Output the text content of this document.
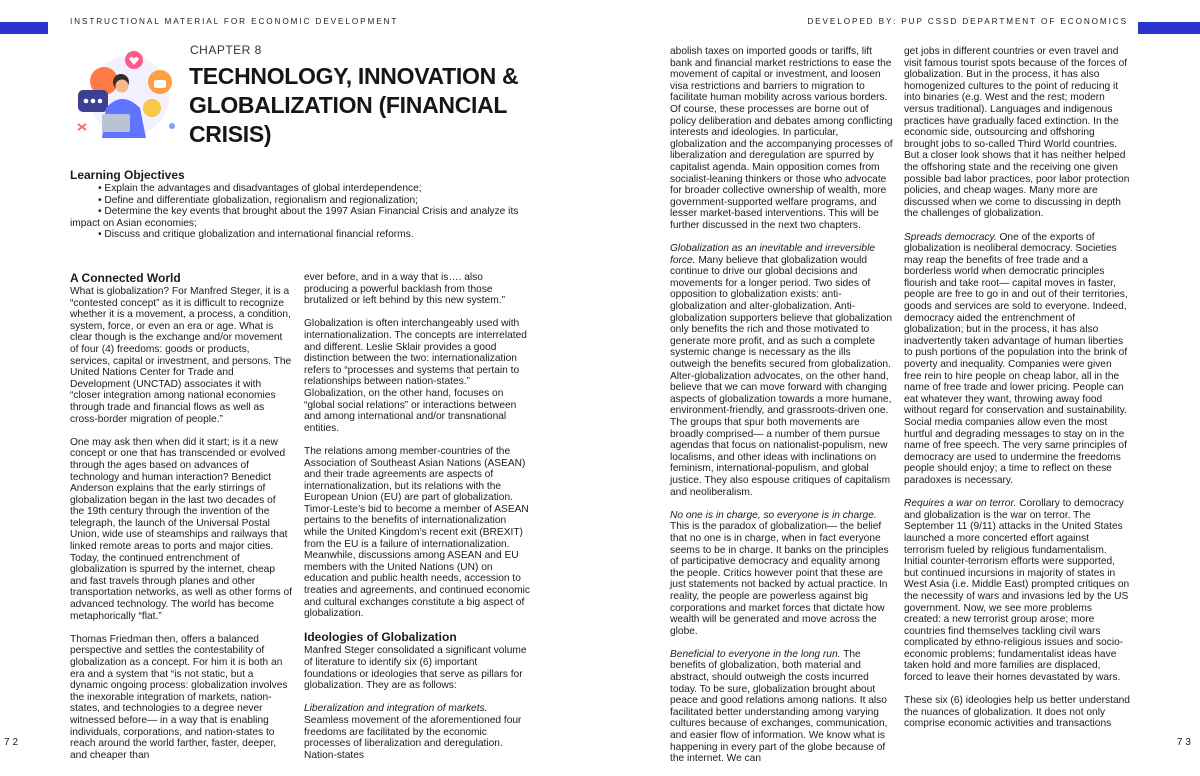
INSTRUCTIONAL MATERIAL FOR ECONOMIC DEVELOPMENT	DEVELOPED BY: PUP CSSD DEPARTMENT OF ECONOMICS
CHAPTER 8
TECHNOLOGY, INNOVATION & GLOBALIZATION (FINANCIAL CRISIS)
Learning Objectives
• Explain the advantages and disadvantages of global interdependence;
• Define and differentiate globalization, regionalism and regionalization;
• Determine the key events that brought about the 1997 Asian Financial Crisis and analyze its impact on Asian economies;
• Discuss and critique globalization and international financial reforms.
A Connected World

What is globalization? For Manfred Steger, it is a “contested concept” as it is difficult to recognize whether it is a movement, a process, a condition, system, force, or even an era or age. What is clear though is the exchange and/or movement of four (4) freedoms: goods or products, services, capital or investment, and persons. The United Nations Center for Trade and Development (UNCTAD) associates it with “closer integration among national economies through trade and financial flows as well as cross-border migration of people.”

One may ask then when did it start; is it a new concept or one that has transcended or evolved through the ages based on advances of technology and human interaction? Benedict Anderson explains that the early stirrings of globalization began in the last two decades of the 19th century through the invention of the telegraph, the launch of the Universal Postal Union, wide use of steamships and railways that linked remote areas to ports and major cities. Today, the continued entrenchment of globalization is spurred by the internet, cheap and fast travels through planes and other transportation networks, as well as other forms of advanced technology. The world has become metaphorically “flat.”

Thomas Friedman then, offers a balanced perspective and settles the contestability of globalization as a concept. For him it is both an era and a system that “is not static, but a dynamic ongoing process: globalization involves the inexorable integration of markets, nation-states, and technologies to a degree never witnessed before— in a way that is enabling individuals, corporations, and nation-states to reach around the world farther, faster, deeper, and cheaper than

ever before, and in a way that is…. also producing a powerful backlash from those brutalized or left behind by this new system.”

Globalization is often interchangeably used with internationalization. The concepts are interrelated and different. Leslie Sklair provides a good distinction between the two: internationalization refers to “processes and systems that pertain to relationships between nation-states.” Globalization, on the other hand, focuses on “global social relations” or interactions between and among international and/or transnational entities.

The relations among member-countries of the Association of Southeast Asian Nations (ASEAN) and their trade agreements are aspects of internationalization, but its relations with the European Union (EU) are part of globalization. Timor-Leste’s bid to become a member of ASEAN pertains to the benefits of internationalization while the United Kingdom’s recent exit (BREXIT) from the EU is a failure of internationalization. Meanwhile, discussions among ASEAN and EU members with the United Nations (UN) on education and public health needs, accession to treaties and agreements, and continued economic and cultural exchanges constitute a big aspect of globalization.

Ideologies of Globalization

Manfred Steger consolidated a significant volume of literature to identify six (6) important foundations or ideologies that serve as pillars for globalization. They are as follows:

Liberalization and integration of markets. Seamless movement of the aforementioned four freedoms are facilitated by the economic processes of liberalization and deregulation. Nation-states

abolish taxes on imported goods or tariffs, lift bank and financial market restrictions to ease the movement of capital or investment, and loosen visa restrictions and barriers to migration to facilitate human mobility across various borders. Of course, these processes are borne out of policy deliberation and debates among conflicting interests and ideologies. In particular, globalization and the accompanying processes of liberalization and deregulation are spurred by capitalist agenda. Main opposition comes from socialist-leaning thinkers or those who advocate for broader collective ownership of wealth, more government-supported welfare programs, and lesser market-based interventions. This will be further discussed in the next two chapters.

Globalization as an inevitable and irreversible force. Many believe that globalization would continue to drive our global decisions and movements for a longer period. Two sides of opposition to globalization exists: anti-globalization and alter-globalization. Anti-globalization supporters believe that globalization only benefits the rich and those motivated to generate more profit, and as such a complete systemic change is necessary as the ills outweigh the benefits secured from globalization. Alter-globalization advocates, on the other hand, believe that we can move forward with changing aspects of globalization towards a more humane, environment-friendly, and grassroots-driven one. The groups that spur both movements are broadly comprised— a number of them pursue agendas that focus on nationalist-populism, new localisms, and other ideas with inclinations on feminism, international-populism, and global justice. They also espouse critiques of capitalism and neoliberalism.

No one is in charge, so everyone is in charge. This is the paradox of globalization— the belief that no one is in charge, when in fact everyone seems to be in charge. It banks on the principles of participative democracy and equality among the people. Critics however point that these are just statements not backed by actual practice. In reality, the people are powerless against big corporations and market forces that dictate how wealth will be generated and move across the globe.

Beneficial to everyone in the long run. The benefits of globalization, both material and abstract, should outweigh the costs incurred today. To be sure, globalization brought about peace and good relations among nations. It also facilitated better understanding among varying cultures because of exchanges, communication, and easier flow of information. We know what is happening in every part of the globe because of the internet. We can

get jobs in different countries or even travel and visit famous tourist spots because of the forces of globalization. But in the process, it has also homogenized cultures to the point of reducing it into binaries (e.g. West and the rest; modern versus traditional). Languages and indigenous practices have gradually faced extinction. In the economic side, outsourcing and offshoring brought jobs to so-called Third World countries. But a closer look shows that it has neither helped the offshoring state and the receiving one given possible bad labor practices, poor labor protection policies, and cheap wages. Many more are discussed when we come to discussing in depth the challenges of globalization.

Spreads democracy. One of the exports of globalization is neoliberal democracy. Societies may reap the benefits of free trade and a borderless world when democratic principles flourish and take root— capital moves in faster, people are free to go in and out of their territories, goods and services are sold to everyone. Indeed, democracy aided the entrenchment of globalization; but in the process, it has also inadvertently taken advantage of human liberties to push portions of the population into the brink of poverty and inequality. Companies were given free rein to hire people on cheap labor, all in the name of free trade and lower pricing. People can eat whatever they want, throwing away food without regard for conservation and sustainability. Social media companies allow even the most hurtful and degrading messages to stay on in the name of free speech. The very same principles of democracy are used to undermine the freedoms people should enjoy; a time to reflect on these paradoxes is necessary.

Requires a war on terror. Corollary to democracy and globalization is the war on terror. The September 11 (9/11) attacks in the United States launched a more concerted effort against terrorism fueled by religious fundamentalism. Initial counter-terrorism efforts were supported, but continued incursions in majority of states in West Asia (i.e. Middle East) prompted critiques on the necessity of wars and invasions led by the US government. Now, we see more problems created: a new terrorist group arose; more countries find themselves tackling civil wars complicated by ethno-religious issues and socio-economic problems; fundamentalist ideas have taken hold and more families are displaced, forced to leave their homes devastated by wars.

These six (6) ideologies help us better understand the nuances of globalization. It does not only comprise economic activities and transactions

72	73
